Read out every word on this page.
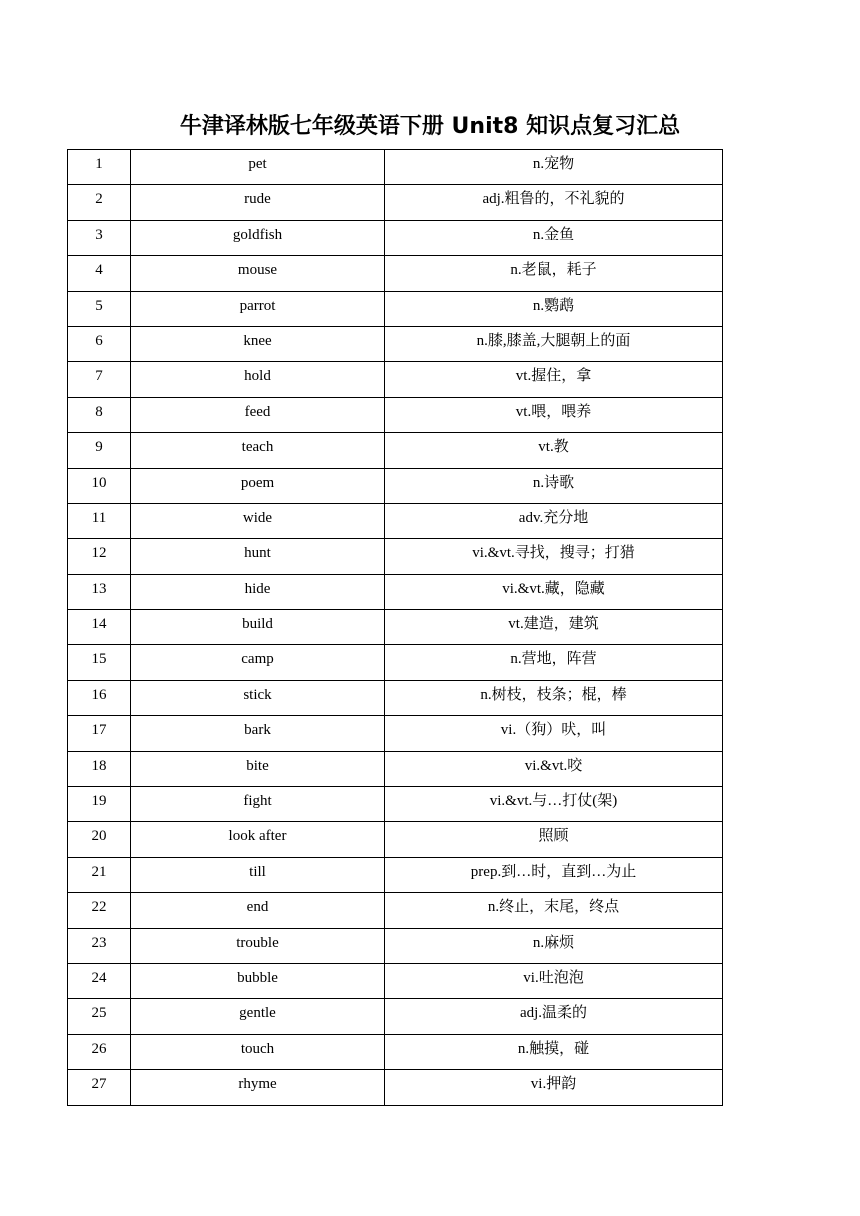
牛津译林版七年级英语下册 Unit8 知识点复习汇总
1	pet	n.宠物
2	rude	adj.粗鲁的，不礼貌的
3	goldfish	n.金鱼
4	mouse	n.老鼠，耗子
5	parrot	n.鹦鹉
6	knee	n.膝,膝盖,大腿朝上的面
7	hold	vt.握住，拿
8	feed	vt.喂，喂养
9	teach	vt.教
10	poem	n.诗歌
11	wide	adv.充分地
12	hunt	vi.&vt.寻找，搜寻；打猎
13	hide	vi.&vt.藏，隐藏
14	build	vt.建造，建筑
15	camp	n.营地，阵营
16	stick	n.树枝，枝条；棍，棒
17	bark	vi.（狗）吠，叫
18	bite	vi.&vt.咬
19	fight	vi.&vt.与…打仗(架)
20	look after	照顾
21	till	prep.到…时，直到…为止
22	end	n.终止，末尾，终点
23	trouble	n.麻烦
24	bubble	vi.吐泡泡
25	gentle	adj.温柔的
26	touch	n.触摸，碰
27	rhyme	vi.押韵
